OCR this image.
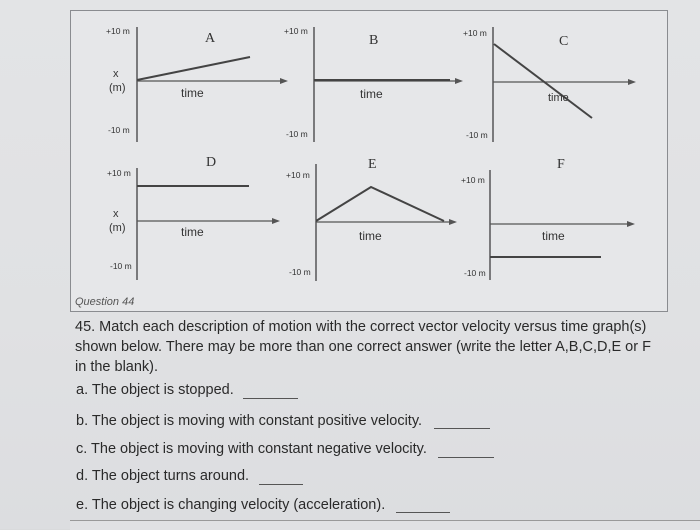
+10 m
-10 m
x
(m)	time
A	+10 m
-10 m
time
B	+10 m
-10 m
time
C
+10 m
-10 m
x
(m)	time
D
+10 m
-10 m
time
E
+10 m
-10 m
time
F
Question 44
45. Match each description of motion with the correct vector velocity versus time graph(s) shown below. There may be more than one correct answer (write the letter A,B,C,D,E or F in the blank).
a. The object is stopped.
b. The object is moving with constant positive velocity.
c. The object is moving with constant negative velocity.
d. The object turns around.
e. The object is changing velocity (acceleration).
